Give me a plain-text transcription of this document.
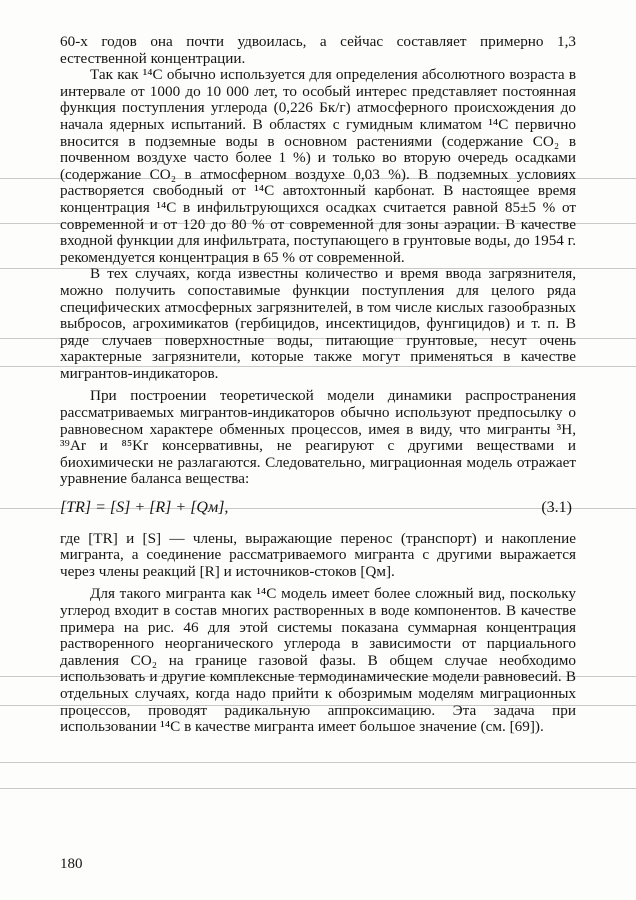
60-х годов она почти удвоилась, а сейчас составляет примерно 1,3 естественной концентрации.

Так как ¹⁴C обычно используется для определения абсолютного возраста в интервале от 1000 до 10 000 лет, то особый интерес представляет постоянная функция поступления углерода (0,226 Бк/г) атмосферного происхождения до начала ядерных испытаний. В областях с гумидным климатом ¹⁴C первично вносится в подземные воды в основном растениями (содержание CO₂ в почвенном воздухе часто более 1 %) и только во вторую очередь осадками (содержание CO₂ в атмосферном воздухе 0,03 %). В подземных условиях растворяется свободный от ¹⁴C автохтонный карбонат. В настоящее время концентрация ¹⁴C в инфильтрующихся осадках считается равной 85±5 % от современной и от 120 до 80 % от современной для зоны аэрации. В качестве входной функции для инфильтрата, поступающего в грунтовые воды, до 1954 г. рекомендуется концентрация в 65 % от современной.

В тех случаях, когда известны количество и время ввода загрязнителя, можно получить сопоставимые функции поступления для целого ряда специфических атмосферных загрязнителей, в том числе кислых газообразных выбросов, агрохимикатов (гербицидов, инсектицидов, фунгицидов) и т. п. В ряде случаев поверхностные воды, питающие грунтовые, несут очень характерные загрязнители, которые также могут применяться в качестве мигрантов-индикаторов.

При построении теоретической модели динамики распространения рассматриваемых мигрантов-индикаторов обычно используют предпосылку о равновесном характере обменных процессов, имея в виду, что мигранты ³H, ³⁹Ar и ⁸⁵Kr консервативны, не реагируют с другими веществами и биохимически не разлагаются. Следовательно, миграционная модель отражает уравнение баланса вещества:

[TR] = [S] + [R] + [Qм],	(3.1)

где [TR] и [S] — члены, выражающие перенос (транспорт) и накопление мигранта, а соединение рассматриваемого мигранта с другими выражается через члены реакций [R] и источников-стоков [Qм].

Для такого мигранта как ¹⁴C модель имеет более сложный вид, поскольку углерод входит в состав многих растворенных в воде компонентов. В качестве примера на рис. 46 для этой системы показана суммарная концентрация растворенного неорганического углерода в зависимости от парциального давления CO₂ на границе газовой фазы. В общем случае необходимо использовать и другие комплексные термодинамические модели равновесий. В отдельных случаях, когда надо прийти к обозримым моделям миграционных процессов, проводят радикальную аппроксимацию. Эта задача при использовании ¹⁴C в качестве мигранта имеет большое значение (см. [69]).

180
